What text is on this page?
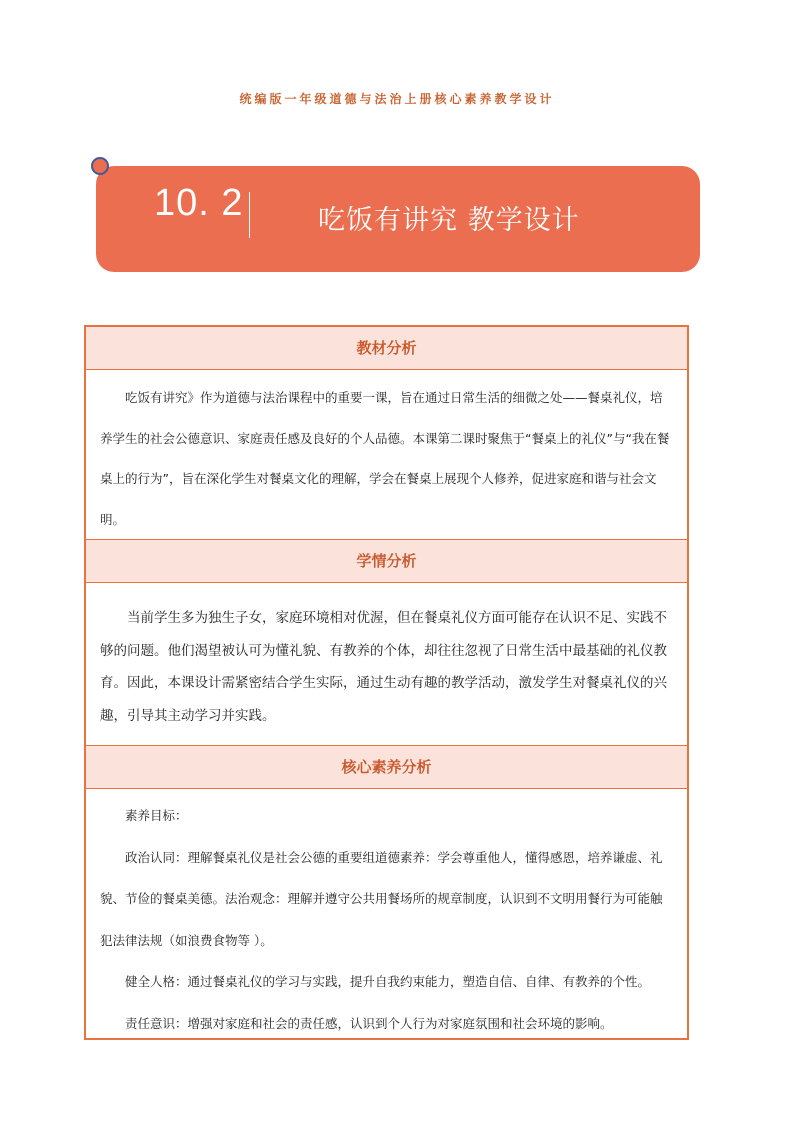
统编版一年级道德与法治上册核心素养教学设计
10. 2	吃饭有讲究 教学设计
教材分析

吃饭有讲究》作为道德与法治课程中的重要一课，旨在通过日常生活的细微之处——餐桌礼仪，培养学生的社会公德意识、家庭责任感及良好的个人品德。本课第二课时聚焦于“餐桌上的礼仪”与“我在餐桌上的行为”，旨在深化学生对餐桌文化的理解，学会在餐桌上展现个人修养，促进家庭和谐与社会文明。

学情分析

当前学生多为独生子女，家庭环境相对优渥，但在餐桌礼仪方面可能存在认识不足、实践不够的问题。他们渴望被认可为懂礼貌、有教养的个体，却往往忽视了日常生活中最基础的礼仪教育。因此，本课设计需紧密结合学生实际，通过生动有趣的教学活动，激发学生对餐桌礼仪的兴趣，引导其主动学习并实践。

核心素养分析

素养目标：

政治认同：理解餐桌礼仪是社会公德的重要组道德素养：学会尊重他人，懂得感恩，培养谦虚、礼貌、节俭的餐桌美德。法治观念：理解并遵守公共用餐场所的规章制度，认识到不文明用餐行为可能触犯法律法规（如浪费食物等 ）。

健全人格：通过餐桌礼仪的学习与实践，提升自我约束能力，塑造自信、自律、有教养的个性。

责任意识：增强对家庭和社会的责任感，认识到个人行为对家庭氛围和社会环境的影响。
